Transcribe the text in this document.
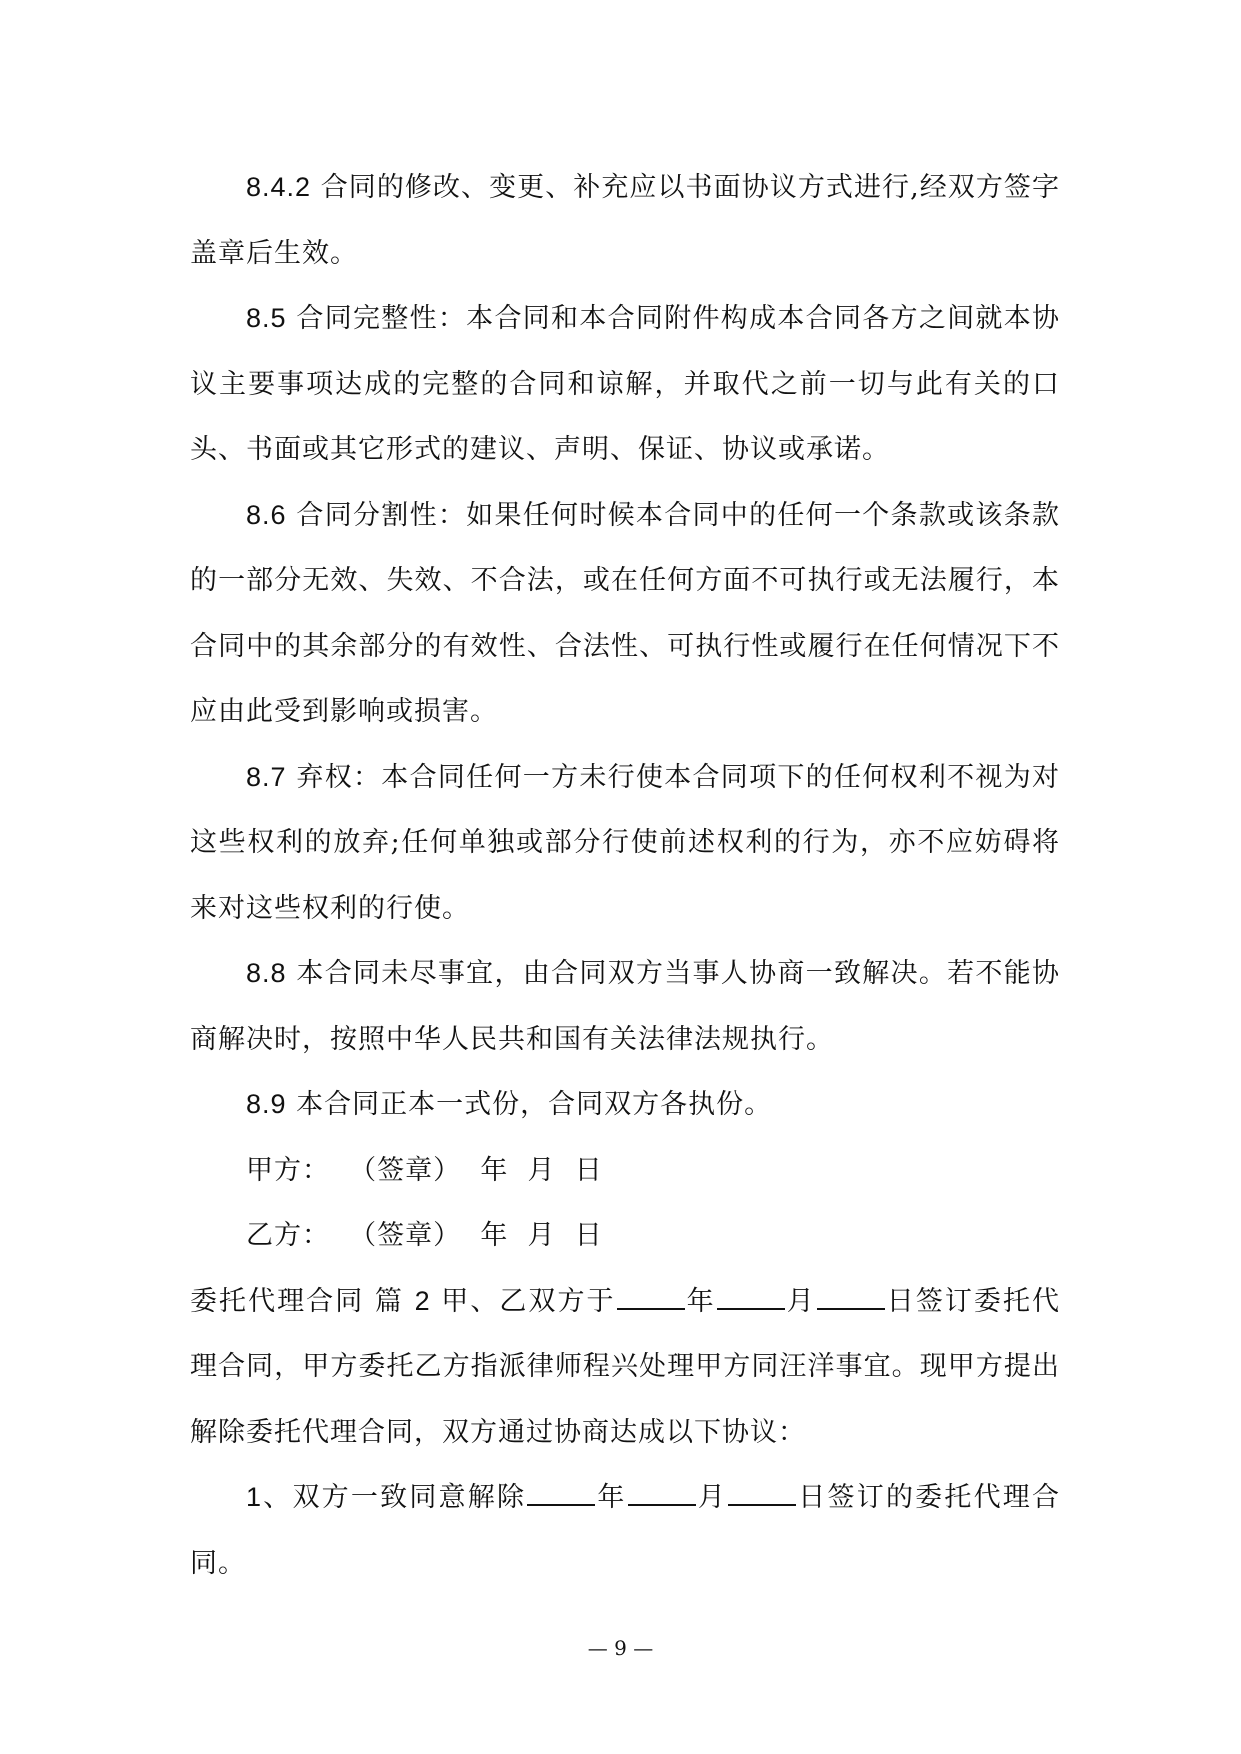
8.4.2 合同的修改、变更、补充应以书面协议方式进行,经双方签字盖章后生效。

8.5 合同完整性：本合同和本合同附件构成本合同各方之间就本协议主要事项达成的完整的合同和谅解，并取代之前一切与此有关的口头、书面或其它形式的建议、声明、保证、协议或承诺。

8.6 合同分割性：如果任何时候本合同中的任何一个条款或该条款的一部分无效、失效、不合法，或在任何方面不可执行或无法履行，本合同中的其余部分的有效性、合法性、可执行性或履行在任何情况下不应由此受到影响或损害。

8.7 弃权：本合同任何一方未行使本合同项下的任何权利不视为对这些权利的放弃;任何单独或部分行使前述权利的行为，亦不应妨碍将来对这些权利的行使。

8.8 本合同未尽事宜，由合同双方当事人协商一致解决。若不能协商解决时，按照中华人民共和国有关法律法规执行。

8.9 本合同正本一式份，合同双方各执份。

甲方： （签章） 年 月 日

乙方： （签章） 年 月 日

委托代理合同 篇 2 甲、乙双方于	年	月	日签订委托代理合同，甲方委托乙方指派律师程兴处理甲方同汪洋事宜。现甲方提出解除委托代理合同，双方通过协商达成以下协议：

1、双方一致同意解除	年	月	日签订的委托代理合同。

— 9 —
